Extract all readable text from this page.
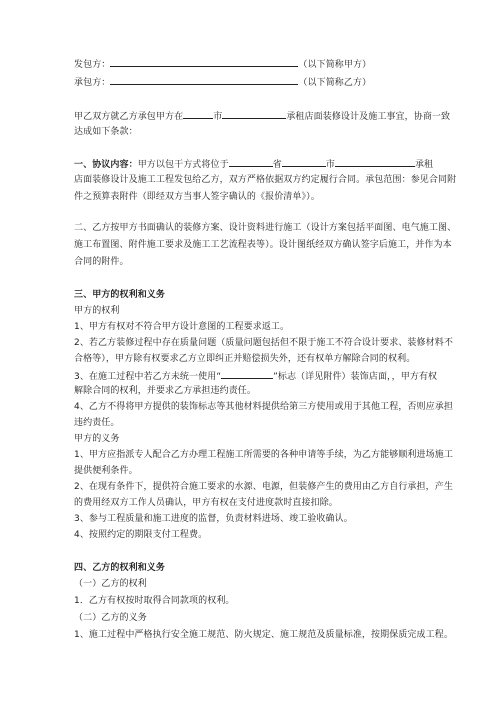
发包方：	（以下简称甲方）
承包方：	（以下简称乙方）
甲乙双方就乙方承包甲方在	市	承租店面装修设计及施工事宜，协商一致
达成如下条款：
一、协议内容：甲方以包干方式将位于	省	市	承租
店面装修设计及施工工程发包给乙方，双方严格依据双方约定履行合同。承包范围：参见合同附
件之预算表附件（即经双方当事人签字确认的《报价清单》）。
二、乙方按甲方书面确认的装修方案、设计资料进行施工（设计方案包括平面图、电气施工图、
施工布置图、附件施工要求及施工工艺流程表等）。设计图纸经双方确认签字后施工，并作为本
合同的附件。
三、甲方的权利和义务
甲方的权利
1、甲方有权对不符合甲方设计意图的工程要求返工。
2、若乙方装修过程中存在质量问题（质量问题包括但不限于施工不符合设计要求、装修材料不
合格等），甲方除有权要求乙方立即纠正并赔偿损失外，还有权单方解除合同的权利。
3、在施工过程中若乙方未统一使用“	”标志（详见附件）装饰店面，，甲方有权
解除合同的权利，并要求乙方承担违约责任。
4、乙方不得将甲方提供的装饰标志等其他材料提供给第三方使用或用于其他工程，否则应承担
违约责任。
甲方的义务
1、甲方应指派专人配合乙方办理工程施工所需要的各种申请等手续，为乙方能够顺利进场施工
提供便利条件。
2、在现有条件下，提供符合施工要求的水源、电源，但装修产生的费用由乙方自行承担，产生
的费用经双方工作人员确认，甲方有权在支付进度款时直接扣除。
3、参与工程质量和施工进度的监督，负责材料进场、竣工验收确认。
4、按照约定的期限支付工程费。
四、乙方的权利和义务
（一）乙方的权利
1．乙方有权按时取得合同款项的权利。
（二）乙方的义务
1、施工过程中严格执行安全施工规范、防火规定、施工规范及质量标准，按期保质完成工程。
